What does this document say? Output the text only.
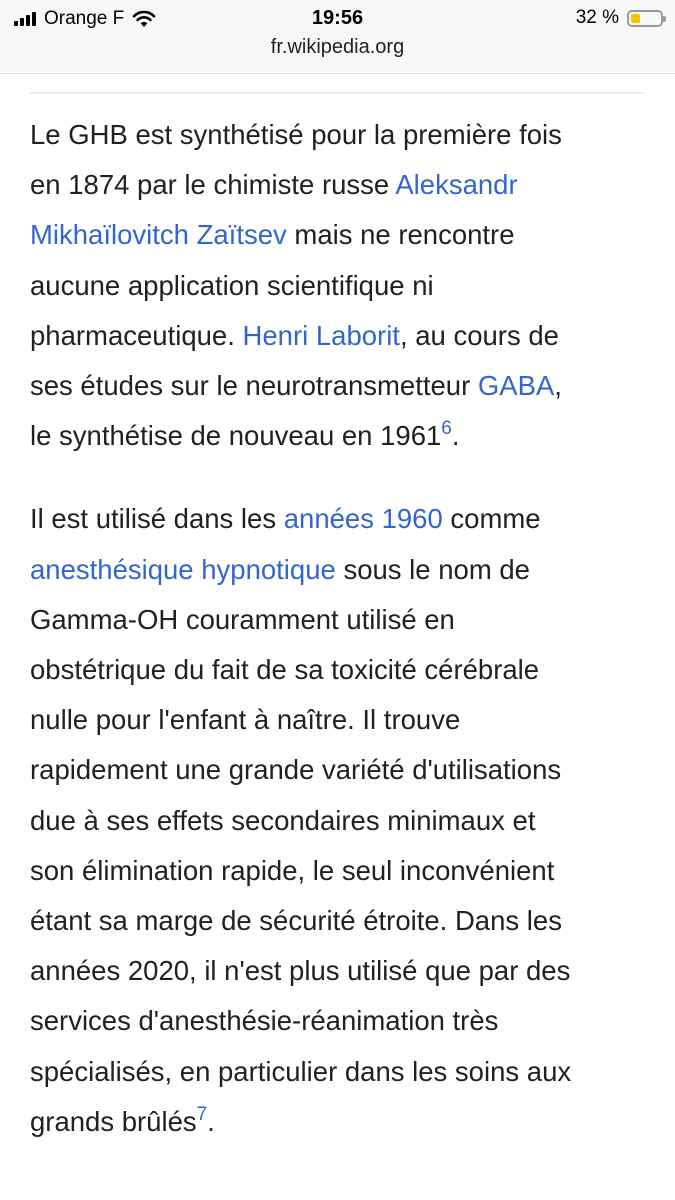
Orange F	19:56	32 %
fr.wikipedia.org

Le GHB est synthétisé pour la première fois
en 1874 par le chimiste russe Aleksandr
Mikhaïlovitch Zaïtsev mais ne rencontre
aucune application scientifique ni
pharmaceutique. Henri Laborit, au cours de
ses études sur le neurotransmetteur GABA,
le synthétise de nouveau en 1961$^6$.

Il est utilisé dans les années 1960 comme
anesthésique hypnotique sous le nom de
Gamma-OH couramment utilisé en
obstétrique du fait de sa toxicité cérébrale
nulle pour l'enfant à naître. Il trouve
rapidement une grande variété d'utilisations
due à ses effets secondaires minimaux et
son élimination rapide, le seul inconvénient
étant sa marge de sécurité étroite. Dans les
années 2020, il n'est plus utilisé que par des
services d'anesthésie-réanimation très
spécialisés, en particulier dans les soins aux
grands brûlés$^7$.
